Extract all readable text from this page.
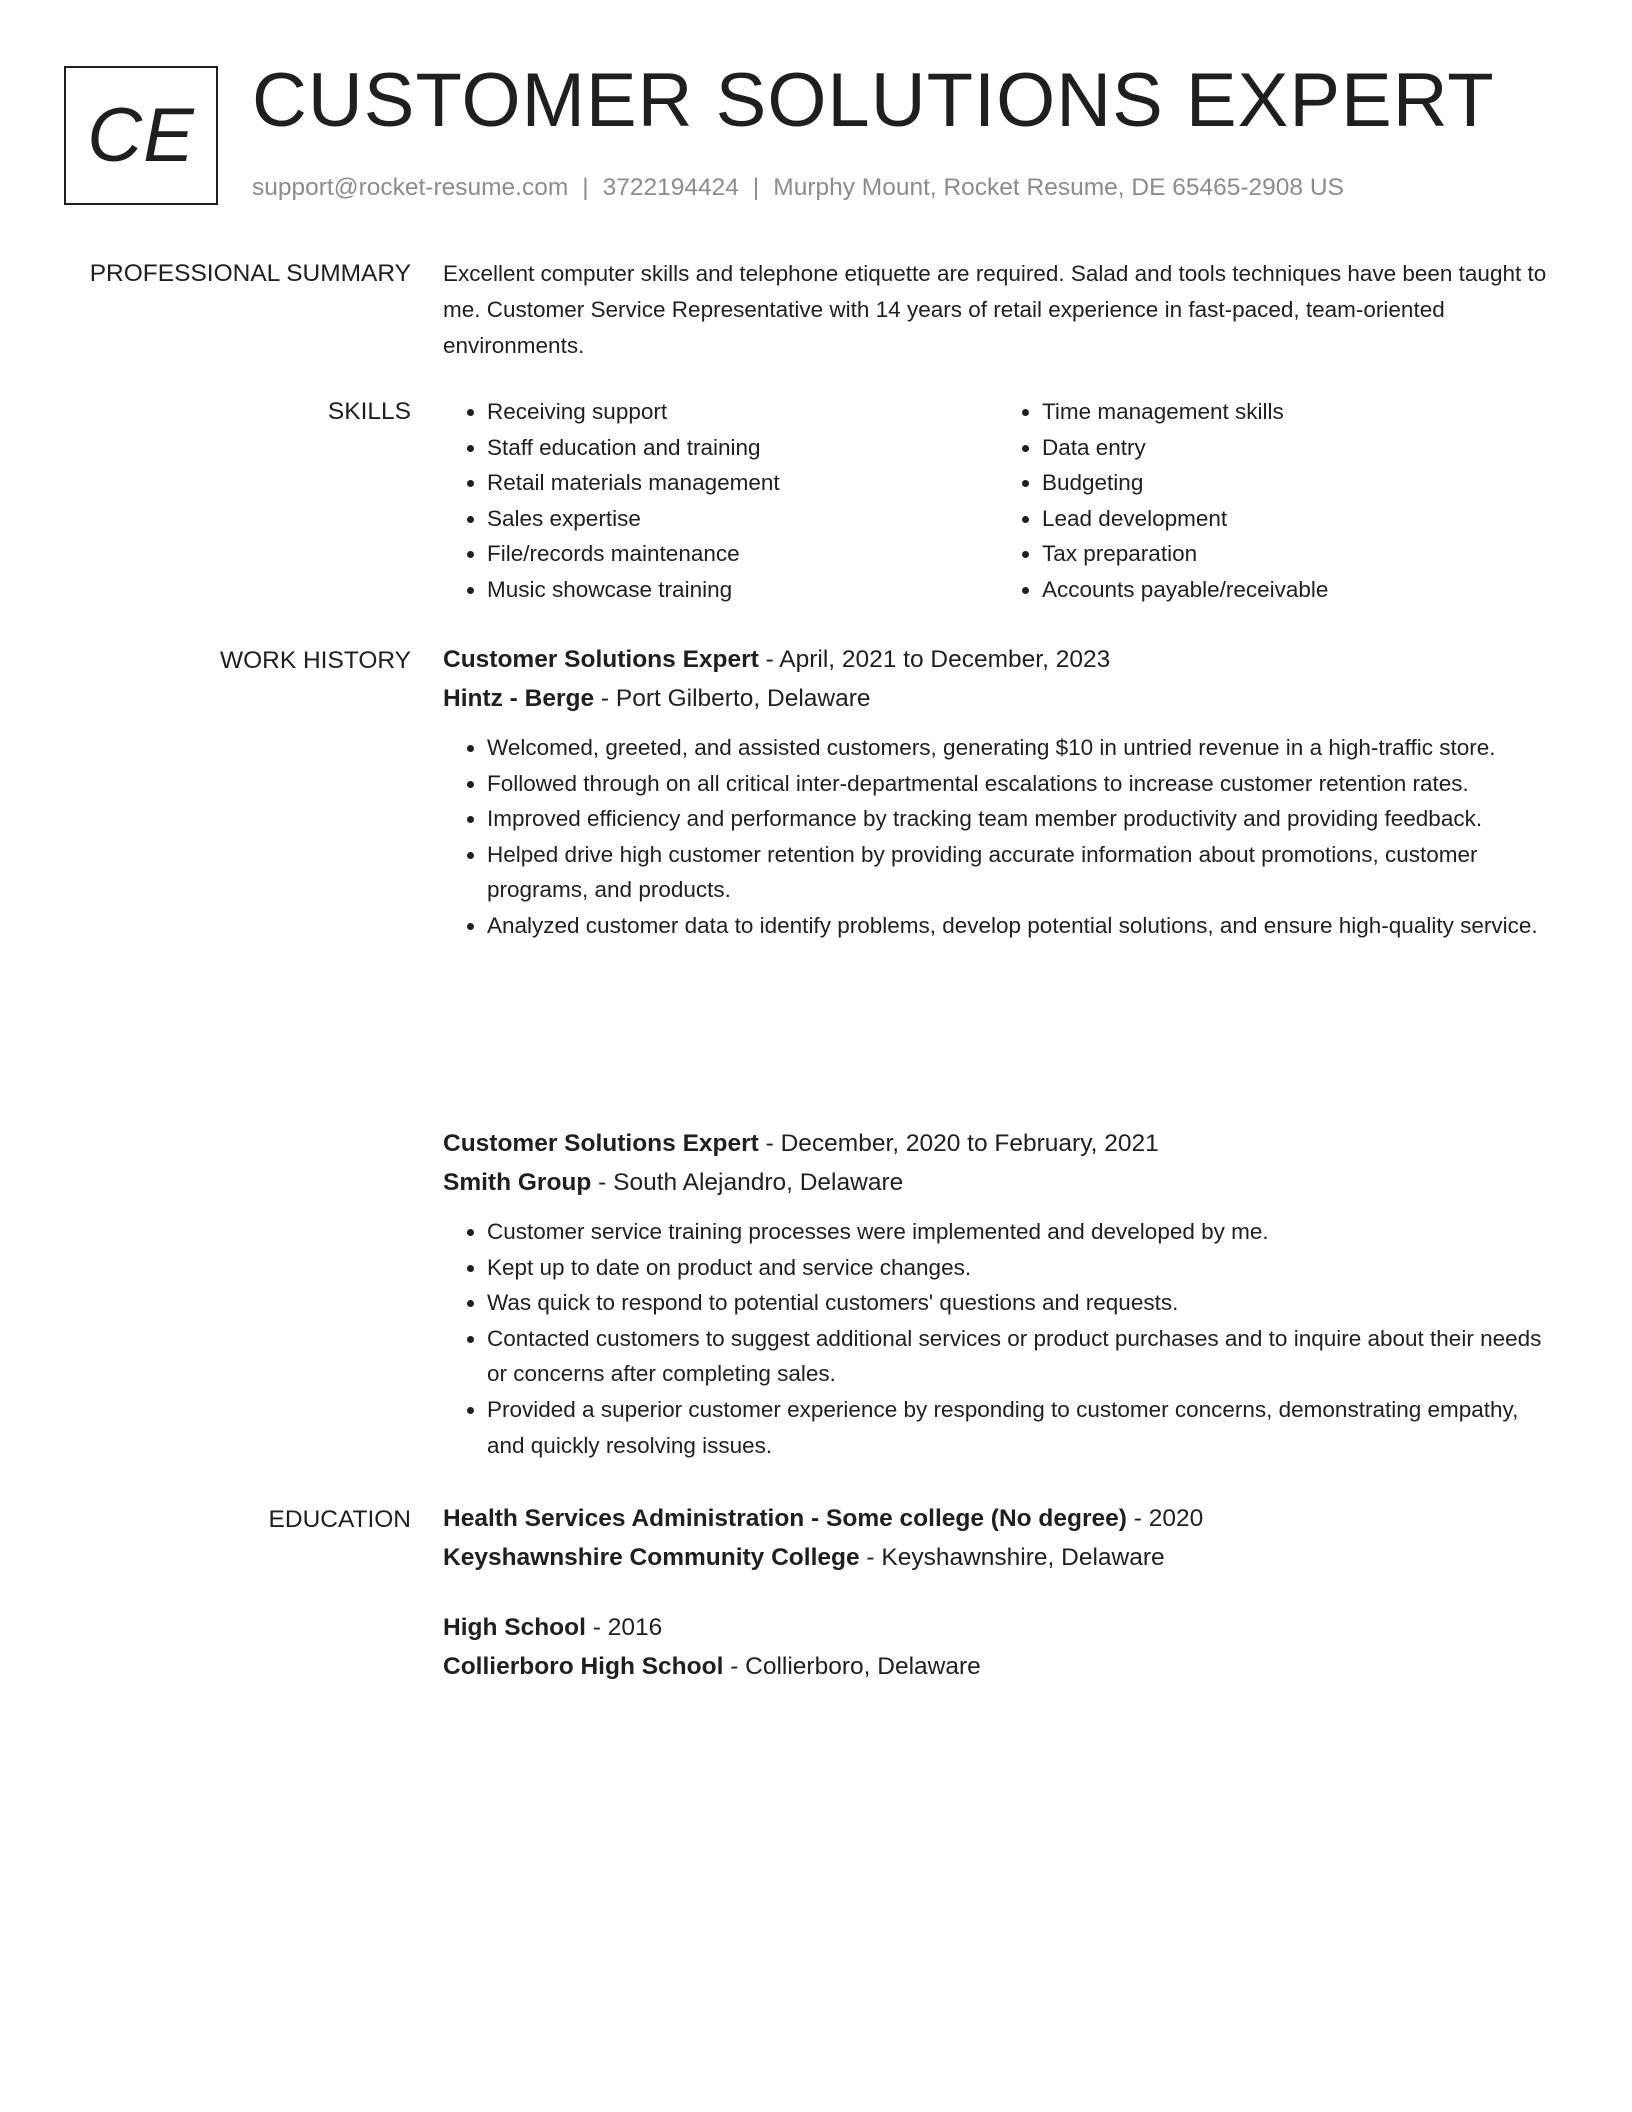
CE CUSTOMER SOLUTIONS EXPERT
support@rocket-resume.com | 3722194424 | Murphy Mount, Rocket Resume, DE 65465-2908 US
PROFESSIONAL SUMMARY Excellent computer skills and telephone etiquette are required. Salad and tools techniques have been taught to me. Customer Service Representative with 14 years of retail experience in fast-paced, team-oriented environments.

SKILLS
•	Receiving support
• Staff education and training
• Retail materials management
• Sales expertise
• File/records maintenance
• Music showcase training
• Time management skills
• Data entry
• Budgeting
• Lead development
• Tax preparation
• Accounts payable/receivable
WORK HISTORY Customer Solutions Expert - April, 2021 to December, 2023
Hintz - Berge - Port Gilberto, Delaware
• Welcomed, greeted, and assisted customers, generating $10 in untried revenue in a high-traffic store.
• Followed through on all critical inter-departmental escalations to increase customer retention rates.
• Improved efficiency and performance by tracking team member productivity and providing feedback.
• Helped drive high customer retention by providing accurate information about promotions, customer programs, and products.
• Analyzed customer data to identify problems, develop potential solutions, and ensure high-quality service.
Customer Solutions Expert - December, 2020 to February, 2021
Smith Group - South Alejandro, Delaware
• Customer service training processes were implemented and developed by me.
• Kept up to date on product and service changes.
• Was quick to respond to potential customers' questions and requests.
• Contacted customers to suggest additional services or product purchases and to inquire about their needs or concerns after completing sales.
• Provided a superior customer experience by responding to customer concerns, demonstrating empathy, and quickly resolving issues.
EDUCATION Health Services Administration - Some college (No degree) - 2020
Keyshawnshire Community College - Keyshawnshire, Delaware
High School - 2016
Collierboro High School - Collierboro, Delaware
